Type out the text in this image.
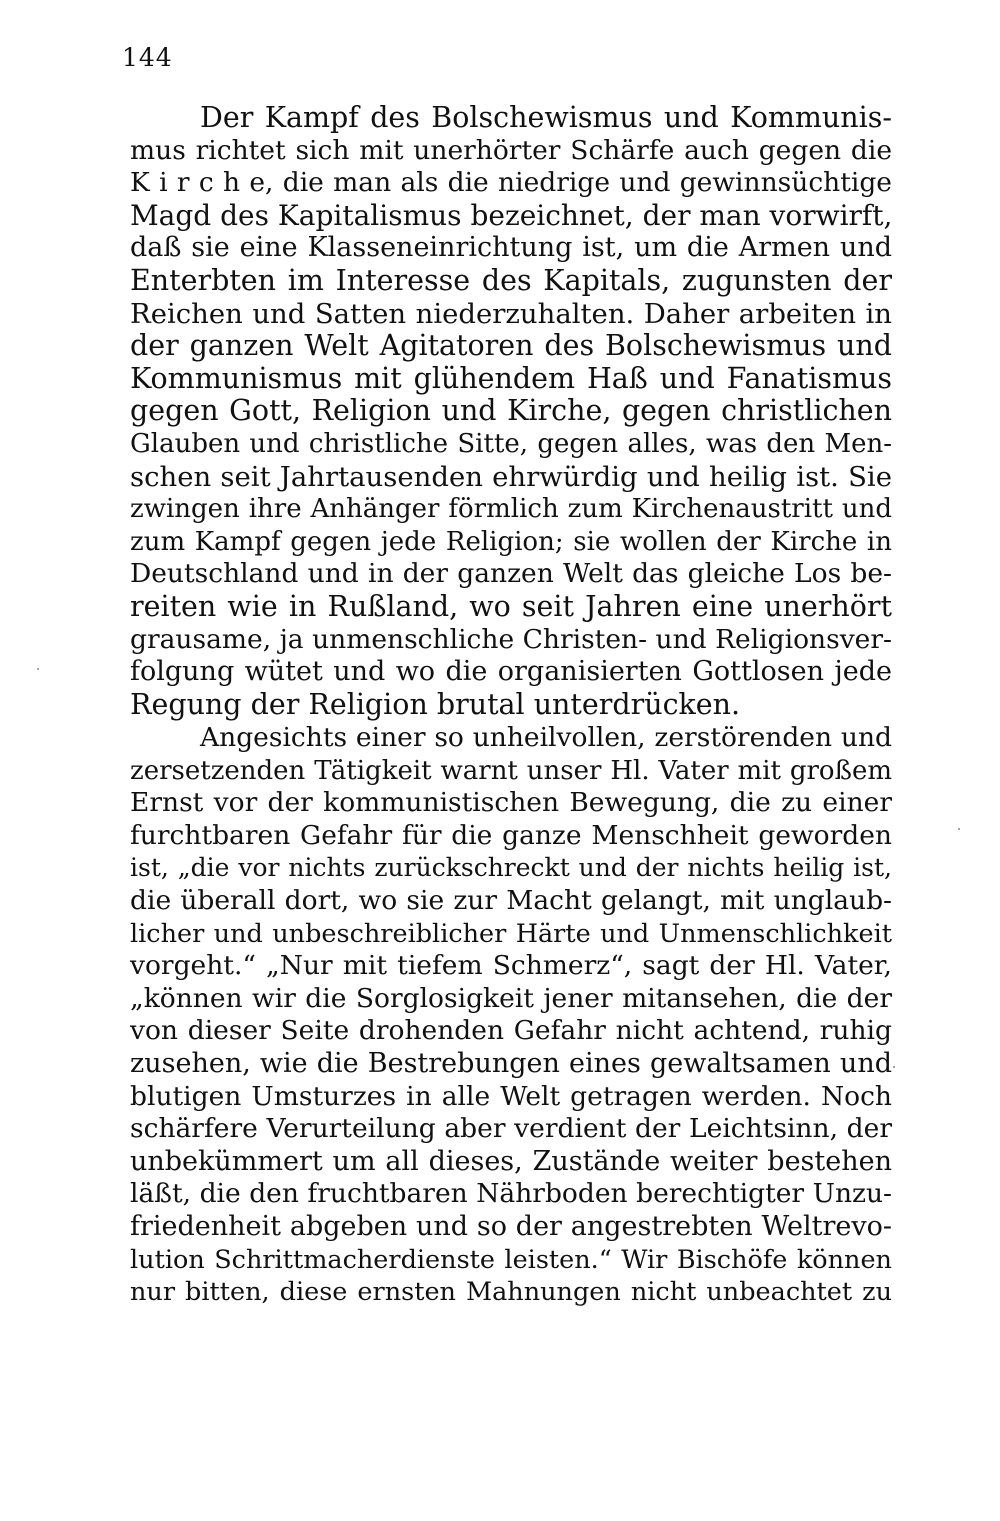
144

Der Kampf des Bolschewismus und Kommunis-
mus richtet sich mit unerhörter Schärfe auch gegen die
K i r c h e, die man als die niedrige und gewinnsüchtige
Magd des Kapitalismus bezeichnet, der man vorwirft,
daß sie eine Klasseneinrichtung ist, um die Armen und
Enterbten im Interesse des Kapitals, zugunsten der
Reichen und Satten niederzuhalten. Daher arbeiten in
der ganzen Welt Agitatoren des Bolschewismus und
Kommunismus mit glühendem Haß und Fanatismus
gegen Gott, Religion und Kirche, gegen christlichen
Glauben und christliche Sitte, gegen alles, was den Men-
schen seit Jahrtausenden ehrwürdig und heilig ist. Sie
zwingen ihre Anhänger förmlich zum Kirchenaustritt und
zum Kampf gegen jede Religion; sie wollen der Kirche in
Deutschland und in der ganzen Welt das gleiche Los be-
reiten wie in Rußland, wo seit Jahren eine unerhört
grausame, ja unmenschliche Christen- und Religionsver-
folgung wütet und wo die organisierten Gottlosen jede
Regung der Religion brutal unterdrücken.

Angesichts einer so unheilvollen, zerstörenden und
zersetzenden Tätigkeit warnt unser Hl. Vater mit großem
Ernst vor der kommunistischen Bewegung, die zu einer
furchtbaren Gefahr für die ganze Menschheit geworden
ist, „die vor nichts zurückschreckt und der nichts heilig ist,
die überall dort, wo sie zur Macht gelangt, mit unglaub-
licher und unbeschreiblicher Härte und Unmenschlichkeit
vorgeht.“ „Nur mit tiefem Schmerz“, sagt der Hl. Vater,
„können wir die Sorglosigkeit jener mitansehen, die der
von dieser Seite drohenden Gefahr nicht achtend, ruhig
zusehen, wie die Bestrebungen eines gewaltsamen und
blutigen Umsturzes in alle Welt getragen werden. Noch
schärfere Verurteilung aber verdient der Leichtsinn, der
unbekümmert um all dieses, Zustände weiter bestehen
läßt, die den fruchtbaren Nährboden berechtigter Unzu-
friedenheit abgeben und so der angestrebten Weltrevo-
lution Schrittmacherdienste leisten.“ Wir Bischöfe können
nur bitten, diese ernsten Mahnungen nicht unbeachtet zu
